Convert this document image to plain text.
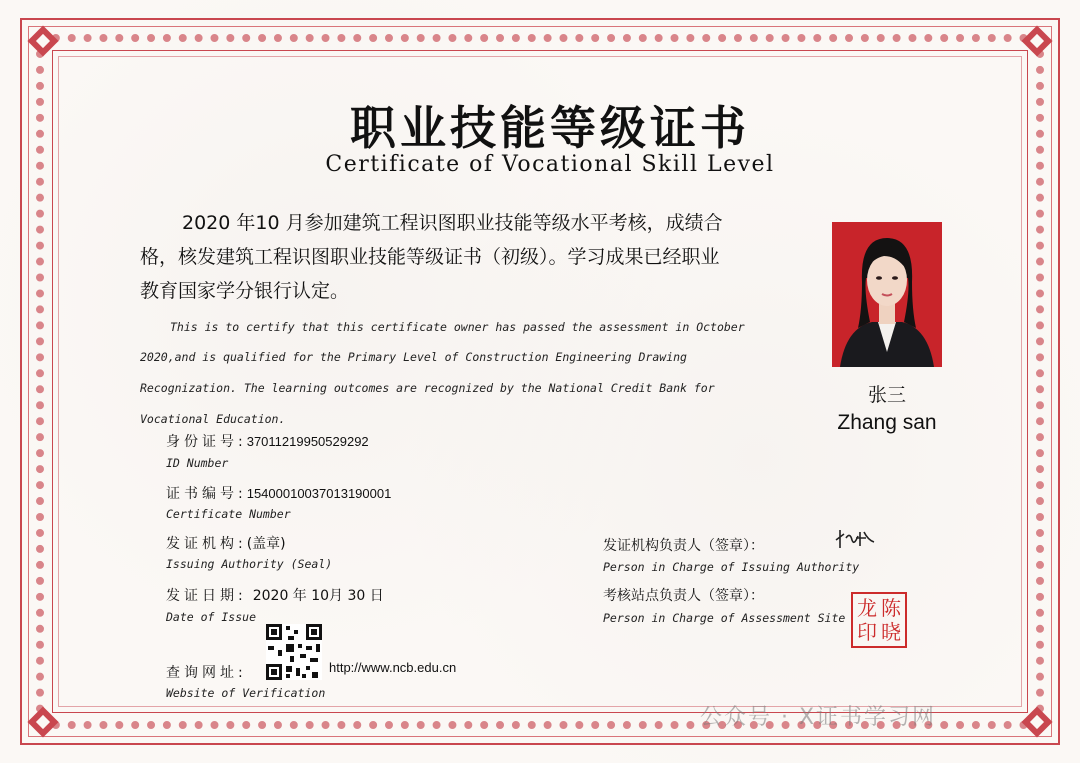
职业技能等级证书
Certificate of Vocational Skill Level
2020 年10 月参加建筑工程识图职业技能等级水平考核，成绩合
格，核发建筑工程识图职业技能等级证书（初级）。学习成果已经职业
教育国家学分银行认定。
This is to certify that this certificate owner has passed the assessment in October
2020,and is qualified for the Primary Level of Construction Engineering Drawing
Recognization. The learning outcomes are recognized by the National Credit Bank for
Vocational Education.
身份证号:37011219950529292
ID Number
证书编号:15400010037013190001
Certificate Number
发证机构:(盖章)
Issuing Authority (Seal)
发证日期: 2020 年 10月 30 日
Date of Issue
查询网址:	http://www.ncb.edu.cn
Website of Verification
张三
Zhang san
发证机构负责人（签章）：
Person in Charge of Issuing Authority
考核站点负责人（签章）：
Person in Charge of Assessment Site 陈
龙
晓
印
公众号 · X证书学习网
